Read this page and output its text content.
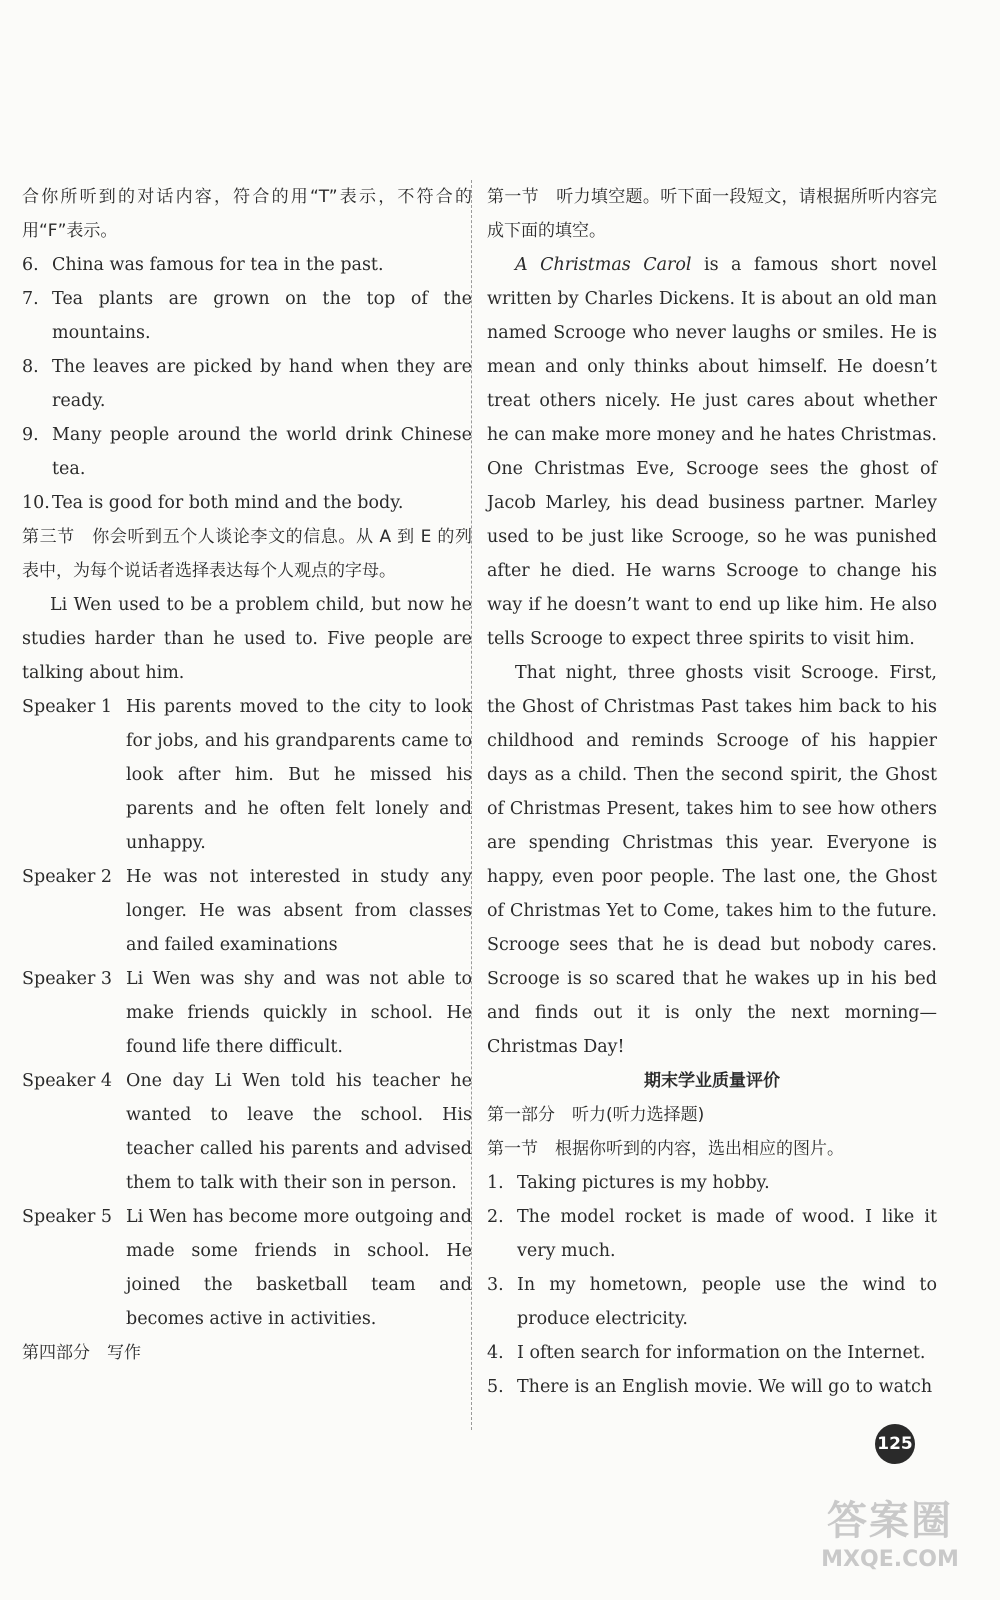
合你所听到的对话内容，符合的用“T”表示，不符合的用“F”表示。

6. China was famous for tea in the past.
7. Tea plants are grown on the top of the mountains.
8. The leaves are picked by hand when they are ready.
9. Many people around the world drink Chinese tea.
10. Tea is good for both mind and the body.

第三节　你会听到五个人谈论李文的信息。从 A 到 E 的列表中，为每个说话者选择表达每个人观点的字母。

Li Wen used to be a problem child, but now he studies harder than he used to. Five people are talking about him.

Speaker 1 His parents moved to the city to look for jobs, and his grandparents came to look after him. But he missed his parents and he often felt lonely and unhappy.
Speaker 2 He was not interested in study any longer. He was absent from classes and failed examinations
Speaker 3 Li Wen was shy and was not able to make friends quickly in school. He found life there difficult.
Speaker 4 One day Li Wen told his teacher he wanted to leave the school. His teacher called his parents and advised them to talk with their son in person.
Speaker 5 Li Wen has become more outgoing and made some friends in school. He joined the basketball team and becomes active in activities.

第四部分　写作

第一节　听力填空题。听下面一段短文，请根据所听内容完成下面的填空。

A Christmas Carol is a famous short novel written by Charles Dickens. It is about an old man named Scrooge who never laughs or smiles. He is mean and only thinks about himself. He doesn’t treat others nicely. He just cares about whether he can make more money and he hates Christmas. One Christmas Eve, Scrooge sees the ghost of Jacob Marley, his dead business partner. Marley used to be just like Scrooge, so he was punished after he died. He warns Scrooge to change his way if he doesn’t want to end up like him. He also tells Scrooge to expect three spirits to visit him.

That night, three ghosts visit Scrooge. First, the Ghost of Christmas Past takes him back to his childhood and reminds Scrooge of his happier days as a child. Then the second spirit, the Ghost of Christmas Present, takes him to see how others are spending Christmas this year. Everyone is happy, even poor people. The last one, the Ghost of Christmas Yet to Come, takes him to the future. Scrooge sees that he is dead but nobody cares. Scrooge is so scared that he wakes up in his bed and finds out it is only the next morning—Christmas Day!

期末学业质量评价

第一部分　听力(听力选择题)

第一节　根据你听到的内容，选出相应的图片。

1. Taking pictures is my hobby.
2. The model rocket is made of wood. I like it very much.
3. In my hometown, people use the wind to produce electricity.
4. I often search for information on the Internet.
5. There is an English movie. We will go to watch
125
答案圈
MXQE.COM
